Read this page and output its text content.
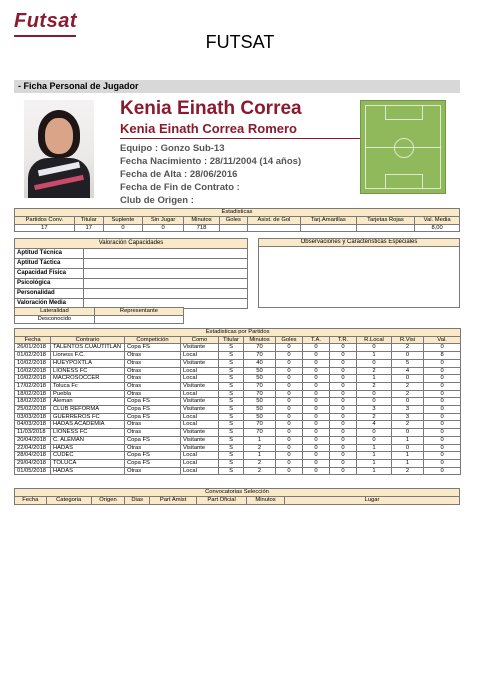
Futsat
FUTSAT
- Ficha Personal de Jugador
Kenia Einath Correa
Kenia Einath Correa Romero
Equipo : Gonzo Sub-13
Fecha Nacimiento : 28/11/2004 (14 años)
Fecha de Alta : 28/06/2016
Fecha de Fin de Contrato :
Club de Origen :
Estadisticas									
Partidos Conv.	Titular	Suplente	Sin Jugar	Minutos	Goles	Asist. de Gol	Tarj.Amarillas	Tarjetas Rojas	Val. Media
17	17	0	0	718					8,00
Valoración Capacidades	
Aptitud Técnica	
Aptitud Táctica	
Capacidad Física	
Psicológica	
Personalidad	
Valoración Media	
Observaciones y Caracteristicas Especiales

Lateralidad	Representante
Desconocido	
Estadisticas por Partidos											
Fecha	Contrario	Competición	Como	Titular	Minutos	Goles	T.A.	T.R.	R.Local	R.Visi	Val.
26/01/2018	TALENTOS CUAUTITLAN	Copa FS	Visitante	S	70	0	0	0	0	2	0
01/02/2018	Lioness F.C.	Otras	Local	S	70	0	0	0	1	0	8
10/02/2018	HUEYPOXTLA	Otras	Visitante	S	40	0	0	0	0	5	0
10/02/2018	LIONESS FC	Otras	Local	S	50	0	0	0	2	4	0
10/02/2018	MACROSOCCER	Otras	Local	S	50	0	0	0	1	0	0
17/02/2018	Toluca Fc	Otras	Visitante	S	70	0	0	0	2	2	0
18/02/2018	Puebla	Otras	Local	S	70	0	0	0	0	2	0
18/02/2018	Aleman	Copa FS	Visitante	S	50	0	0	0	0	0	0
25/02/2018	CLUB REFORMA	Copa FS	Visitante	S	50	0	0	0	3	3	0
03/03/2018	GUERREROS FC	Copa FS	Local	S	50	0	0	0	2	3	0
04/03/2018	HADAS ACADEMIA	Otras	Local	S	70	0	0	0	4	2	0
11/03/2018	LIONESS FC	Otras	Visitante	S	70	0	0	0	0	0	0
20/04/2018	C. ALEMAN	Copa FS	Visitante	S	1	0	0	0	0	1	0
22/04/2018	HADAS	Otras	Visitante	S	2	0	0	0	1	0	0
28/04/2018	CUDEC	Copa FS	Local	S	1	0	0	0	1	1	0
29/04/2018	TOLUCA	Copa FS	Local	S	2	0	0	0	1	1	0
01/05/2018	HADAS	Otras	Local	S	2	0	0	0	1	2	0
Convocatorias Selección
Fecha	Categoria	Origen	Dias	Part Amist	Part Oficial	Minutos	Lugar
